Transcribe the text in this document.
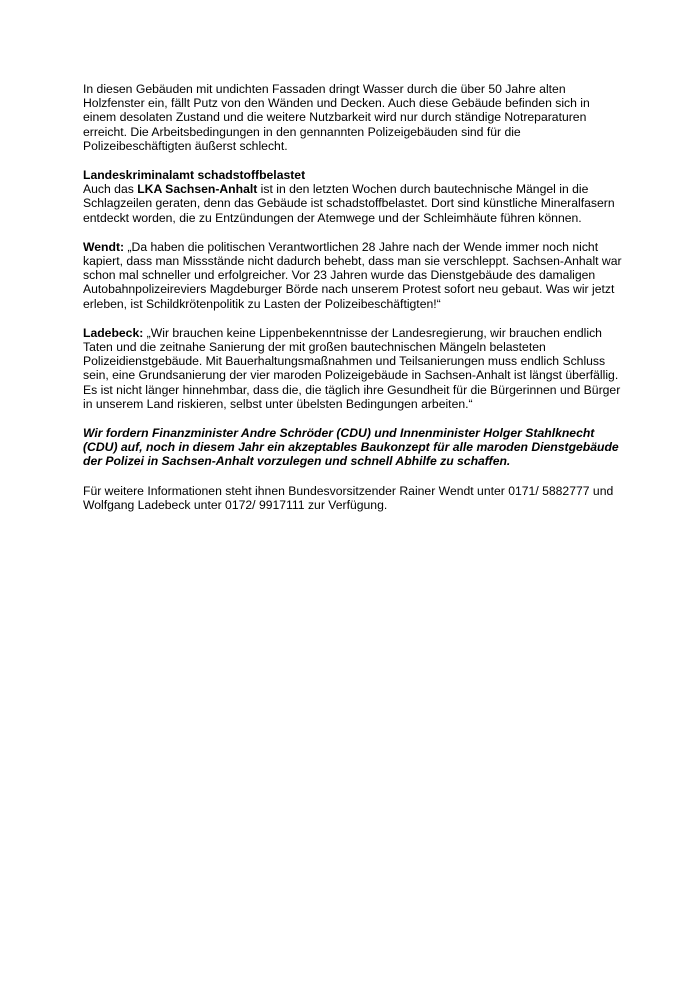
In diesen Gebäuden mit undichten Fassaden dringt Wasser durch die über 50 Jahre alten Holzfenster ein, fällt Putz von den Wänden und Decken. Auch diese Gebäude befinden sich in einem desolaten Zustand und die weitere Nutzbarkeit wird nur durch ständige Notreparaturen erreicht. Die Arbeitsbedingungen in den gennannten Polizeigebäuden sind für die Polizeibeschäftigten äußerst schlecht.

Landeskriminalamt schadstoffbelastet
Auch das LKA Sachsen-Anhalt ist in den letzten Wochen durch bautechnische Mängel in die Schlagzeilen geraten, denn das Gebäude ist schadstoffbelastet. Dort sind künstliche Mineralfasern entdeckt worden, die zu Entzündungen der Atemwege und der Schleimhäute führen können.

Wendt: „Da haben die politischen Verantwortlichen 28 Jahre nach der Wende immer noch nicht kapiert, dass man Missstände nicht dadurch behebt, dass man sie verschleppt. Sachsen-Anhalt war schon mal schneller und erfolgreicher. Vor 23 Jahren wurde das Dienstgebäude des damaligen Autobahnpolizeireviers Magdeburger Börde nach unserem Protest sofort neu gebaut. Was wir jetzt erleben, ist Schildkrötenpolitik zu Lasten der Polizeibeschäftigten!“

Ladebeck: „Wir brauchen keine Lippenbekenntnisse der Landesregierung, wir brauchen endlich Taten und die zeitnahe Sanierung der mit großen bautechnischen Mängeln belasteten Polizeidienstgebäude. Mit Bauerhaltungsmaßnahmen und Teilsanierungen muss endlich Schluss sein, eine Grundsanierung der vier maroden Polizeigebäude in Sachsen-Anhalt ist längst überfällig. Es ist nicht länger hinnehmbar, dass die, die täglich ihre Gesundheit für die Bürgerinnen und Bürger in unserem Land riskieren, selbst unter übelsten Bedingungen arbeiten.“

Wir fordern Finanzminister Andre Schröder (CDU) und Innenminister Holger Stahlknecht (CDU) auf, noch in diesem Jahr ein akzeptables Baukonzept für alle maroden Dienstgebäude der Polizei in Sachsen-Anhalt vorzulegen und schnell Abhilfe zu schaffen.

Für weitere Informationen steht ihnen Bundesvorsitzender Rainer Wendt unter 0171/ 5882777 und Wolfgang Ladebeck unter 0172/ 9917111 zur Verfügung.
